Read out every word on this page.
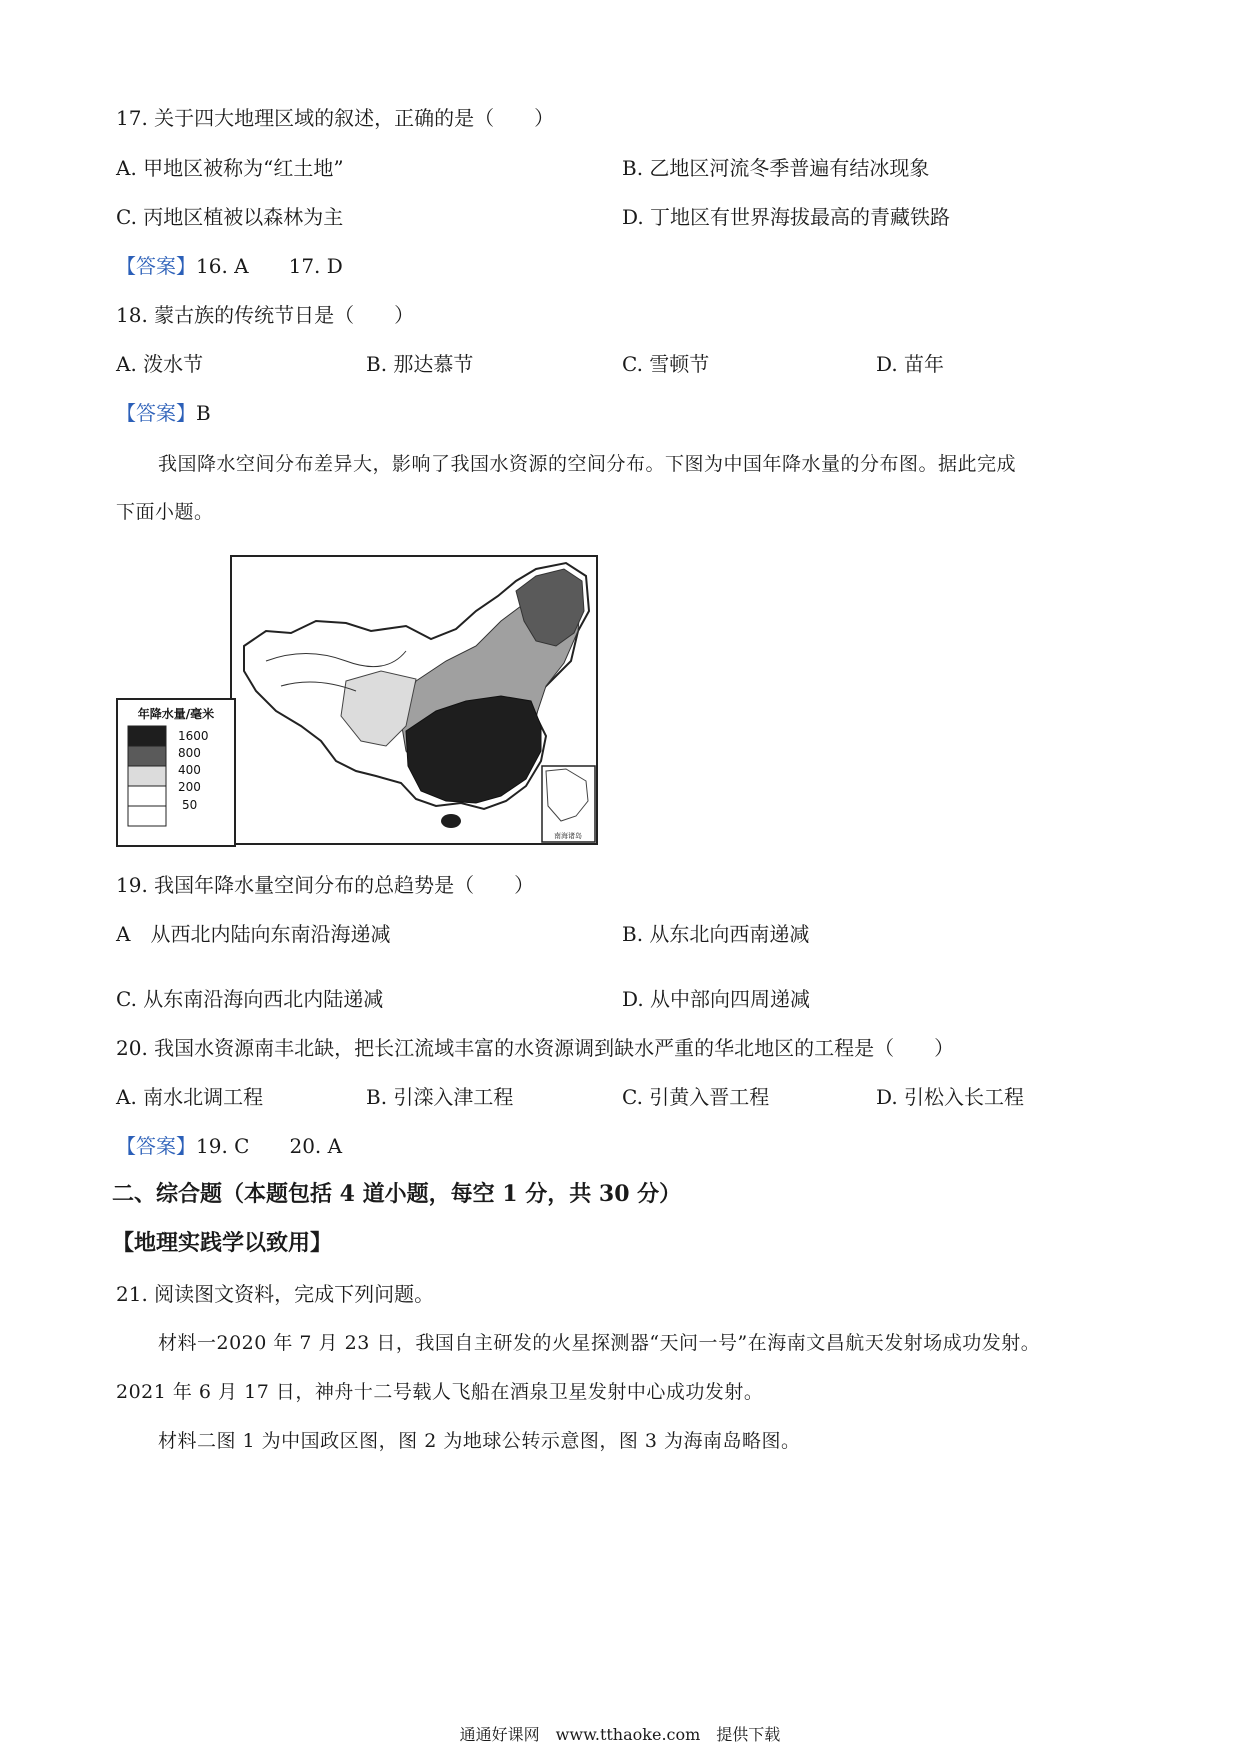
17. 关于四大地理区域的叙述，正确的是（　　）
A. 甲地区被称为“红土地”	B. 乙地区河流冬季普遍有结冰现象
C. 丙地区植被以森林为主	D. 丁地区有世界海拔最高的青藏铁路
【答案】16. A　　17. D
18. 蒙古族的传统节日是（　　）
A. 泼水节	B. 那达慕节	C. 雪顿节	D. 苗年
【答案】B
我国降水空间分布差异大，影响了我国水资源的空间分布。下图为中国年降水量的分布图。据此完成
下面小题。
南海诸岛
年降水量/毫米
1600
800
400
200
50
19. 我国年降水量空间分布的总趋势是（　　）
A　从西北内陆向东南沿海递减	B. 从东北向西南递减
C. 从东南沿海向西北内陆递减	D. 从中部向四周递减
20. 我国水资源南丰北缺，把长江流域丰富的水资源调到缺水严重的华北地区的工程是（　　）
A. 南水北调工程	B. 引滦入津工程	C. 引黄入晋工程	D. 引松入长工程
【答案】19. C　　20. A
二、综合题（本题包括 4 道小题，每空 1 分，共 30 分）
【地理实践学以致用】
21. 阅读图文资料，完成下列问题。
材料一2020 年 7 月 23 日，我国自主研发的火星探测器“天问一号”在海南文昌航天发射场成功发射。
2021 年 6 月 17 日，神舟十二号载人飞船在酒泉卫星发射中心成功发射。
材料二图 1 为中国政区图，图 2 为地球公转示意图，图 3 为海南岛略图。
通通好课网　www.tthaoke.com　提供下载
